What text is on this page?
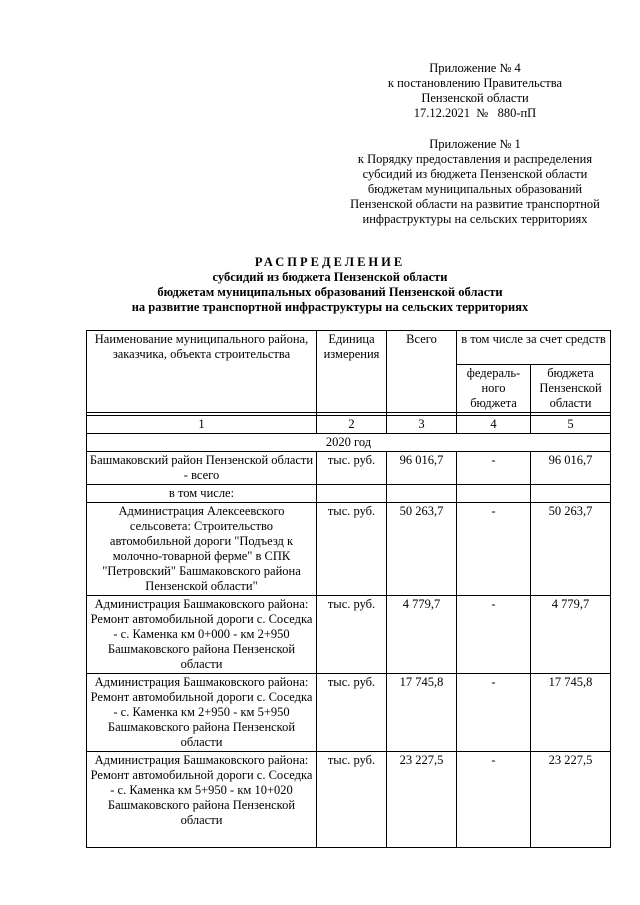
Приложение № 4
к постановлению Правительства
Пензенской области
17.12.2021  №   880-пП
Приложение № 1
к Порядку предоставления и распределения
субсидий из бюджета Пензенской области
бюджетам муниципальных образований
Пензенской области на развитие транспортной
инфраструктуры на сельских территориях
РАСПРЕДЕЛЕНИЕ
субсидий из бюджета Пензенской области
бюджетам муниципальных образований Пензенской области
на развитие транспортной инфраструктуры на сельских территориях
Наименование муниципального района, заказчика, объекта строительства	Единица измерения	Всего	в том числе за счет средств	
			федераль-ного бюджета	бюджета Пензенской области

1	2	3	4	5
2020 год				
Башмаковский район Пензенской области - всего	тыс. руб.	96 016,7	-	96 016,7
в том числе:				
Администрация Алексеевского сельсовета: Строительство автомобильной дороги "Подъезд к молочно-товарной ферме" в СПК "Петровский" Башмаковского района Пензенской области"	тыс. руб.	50 263,7	-	50 263,7
Администрация Башмаковского района: Ремонт автомобильной дороги с. Соседка - с. Каменка км 0+000 - км 2+950 Башмаковского района Пензенской области	тыс. руб.	4 779,7	-	4 779,7
Администрация Башмаковского района: Ремонт автомобильной дороги с. Соседка - с. Каменка км 2+950 - км 5+950 Башмаковского района Пензенской области	тыс. руб.	17 745,8	-	17 745,8
Администрация Башмаковского района: Ремонт автомобильной дороги с. Соседка - с. Каменка км 5+950 - км 10+020 Башмаковского района Пензенской области	тыс. руб.	23 227,5	-	23 227,5
